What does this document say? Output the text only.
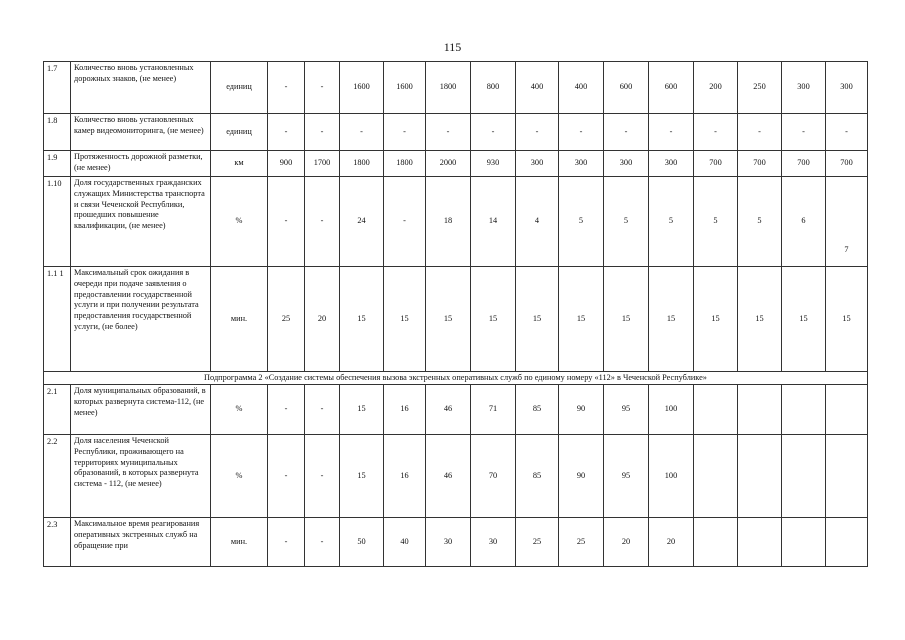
115
1.7	Количество вновь установленных дорожных знаков, (не менее)	единиц	-	-	1600	1600	1800	800	400	400	600	600	200	250	300	300
1.8	Количество вновь установленных камер видеомониторинга, (не менее)	единиц	-	-	-	-	-	-	-	-	-	-	-	-	-	-
1.9	Протяженность дорожной разметки, (не менее)	км	900	1700	1800	1800	2000	930	300	300	300	300	700	700	700	700
1.10	Доля государственных гражданских служащих Министерства транспорта и связи Чеченской Республики, прошедших повышение квалификации, (не менее)	%	-	-	24	-	18	14	4	5	5	5	5	5	6	7
1.1 1	Максимальный срок ожидания в очереди при подаче заявления о предоставлении государственной услуги и при получении результата предоставления государственной услуги, (не более)	мин.	25	20	15	15	15	15	15	15	15	15	15	15	15	15
Подпрограмма 2 «Создание системы обеспечения вызова экстренных оперативных служб по единому номеру «112» в Чеченской Республике»																
2.1	Доля муниципальных образований, в которых развернута система-112, (не менее)	%	-	-	15	16	46	71	85	90	95	100				
2.2	Доля населения Чеченской Республики, проживающего на территориях муниципальных образований, в которых развернута система - 112, (не менее)	%	-	-	15	16	46	70	85	90	95	100				
2.3	Максимальное время реагирования оперативных экстренных служб на обращение при	мин.	-	-	50	40	30	30	25	25	20	20				
